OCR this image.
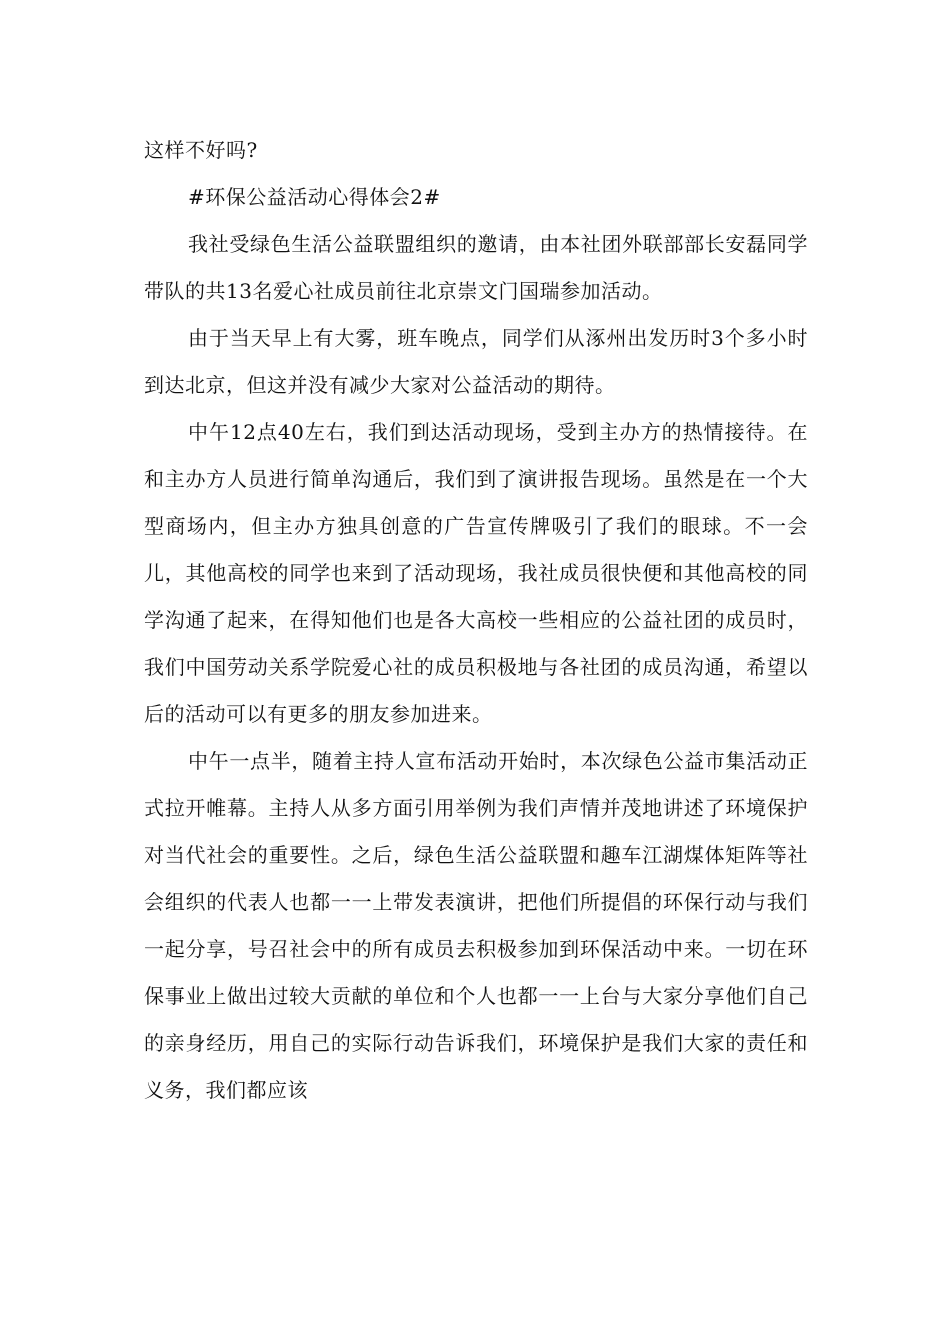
这样不好吗?

#环保公益活动心得体会2#

我社受绿色生活公益联盟组织的邀请，由本社团外联部部长安磊同学带队的共13名爱心社成员前往北京崇文门国瑞参加活动。

由于当天早上有大雾，班车晚点，同学们从涿州出发历时3个多小时到达北京，但这并没有减少大家对公益活动的期待。

中午12点40左右，我们到达活动现场，受到主办方的热情接待。在和主办方人员进行简单沟通后，我们到了演讲报告现场。虽然是在一个大型商场内，但主办方独具创意的广告宣传牌吸引了我们的眼球。不一会儿，其他高校的同学也来到了活动现场，我社成员很快便和其他高校的同学沟通了起来，在得知他们也是各大高校一些相应的公益社团的成员时，我们中国劳动关系学院爱心社的成员积极地与各社团的成员沟通，希望以后的活动可以有更多的朋友参加进来。

中午一点半，随着主持人宣布活动开始时，本次绿色公益市集活动正式拉开帷幕。主持人从多方面引用举例为我们声情并茂地讲述了环境保护对当代社会的重要性。之后，绿色生活公益联盟和趣车江湖煤体矩阵等社会组织的代表人也都一一上带发表演讲，把他们所提倡的环保行动与我们一起分享，号召社会中的所有成员去积极参加到环保活动中来。一切在环保事业上做出过较大贡献的单位和个人也都一一上台与大家分享他们自己的亲身经历，用自己的实际行动告诉我们，环境保护是我们大家的责任和义务，我们都应该
